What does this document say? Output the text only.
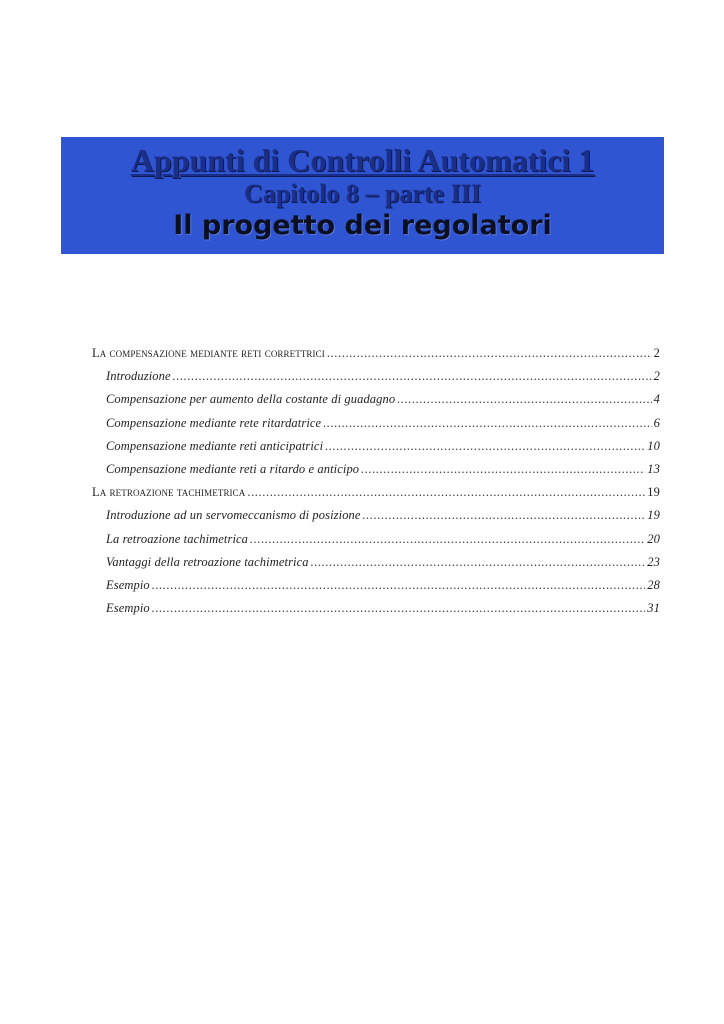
Appunti di Controlli Automatici 1
Capitolo 8 – parte III
Il progetto dei regolatori
La compensazione mediante reti correttrici .....	2
Introduzione .....	2
Compensazione per aumento della costante di guadagno .....	4
Compensazione mediante rete ritardatrice .....	6
Compensazione mediante reti anticipatrici .....	10
Compensazione mediante reti a ritardo e anticipo .....	13
La retroazione tachimetrica .....	19
Introduzione ad un servomeccanismo di posizione .....	19
La retroazione tachimetrica .....	20
Vantaggi della retroazione tachimetrica .....	23
Esempio .....	28
Esempio .....	31
